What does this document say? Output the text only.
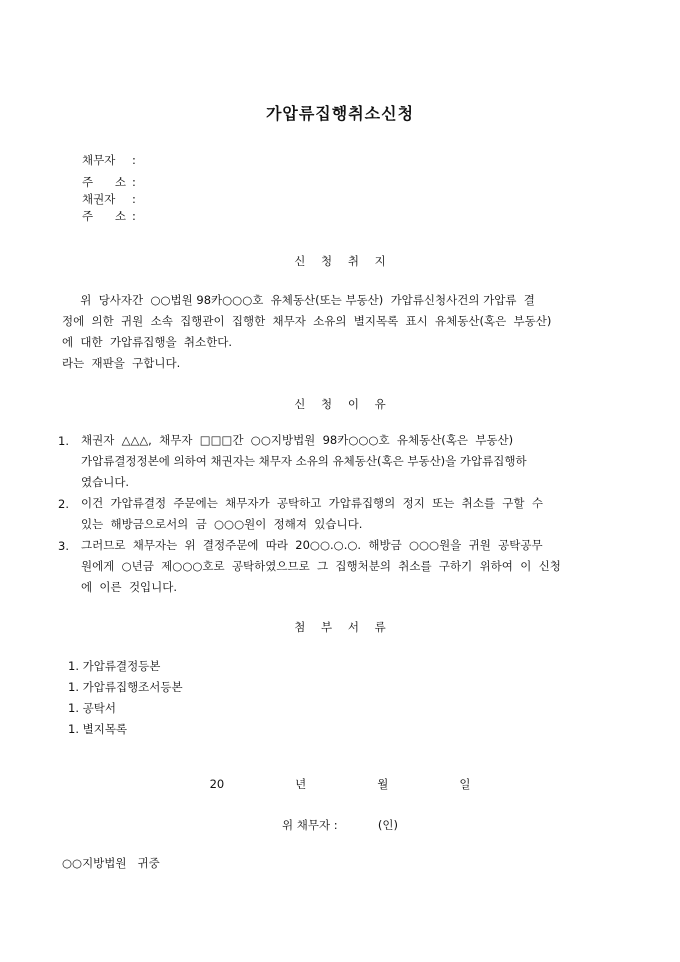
가압류집행취소신청
채무자 :
주 소 :
채권자 :
주 소 :
신 청 취 지
위  당사자간  ○○법원 98카○○○호  유체동산(또는 부동산)  가압류신청사건의 가압류  결
정에  의한  귀원  소속  집행관이  집행한  채무자  소유의  별지목록  표시  유체동산(혹은  부동산)
에  대한  가압류집행을  취소한다.
라는  재판을  구합니다.
신 청 이 유
1. 채권자  △△△,  채무자  □□□간  ○○지방법원  98카○○○호  유체동산(혹은  부동산)
가압류결정정본에 의하여 채권자는 채무자 소유의 유체동산(혹은 부동산)을 가압류집행하
였습니다.
2. 이건  가압류결정  주문에는  채무자가  공탁하고  가압류집행의  정지  또는  취소를  구할  수
있는  해방금으로서의  금  ○○○원이  정해져  있습니다.
3. 그러므로  채무자는  위  결정주문에  따라  20○○.○.○.  해방금  ○○○원을  귀원  공탁공무
원에게  ○년금  제○○○호로  공탁하였으므로  그  집행처분의  취소를  구하기  위하여  이  신청
에  이른  것입니다.
첨 부 서 류
1. 가압류결정등본
1. 가압류집행조서등본
1. 공탁서
1. 별지목록
20   년   월   일
위 채무자 :           (인)
○○지방법원   귀중
